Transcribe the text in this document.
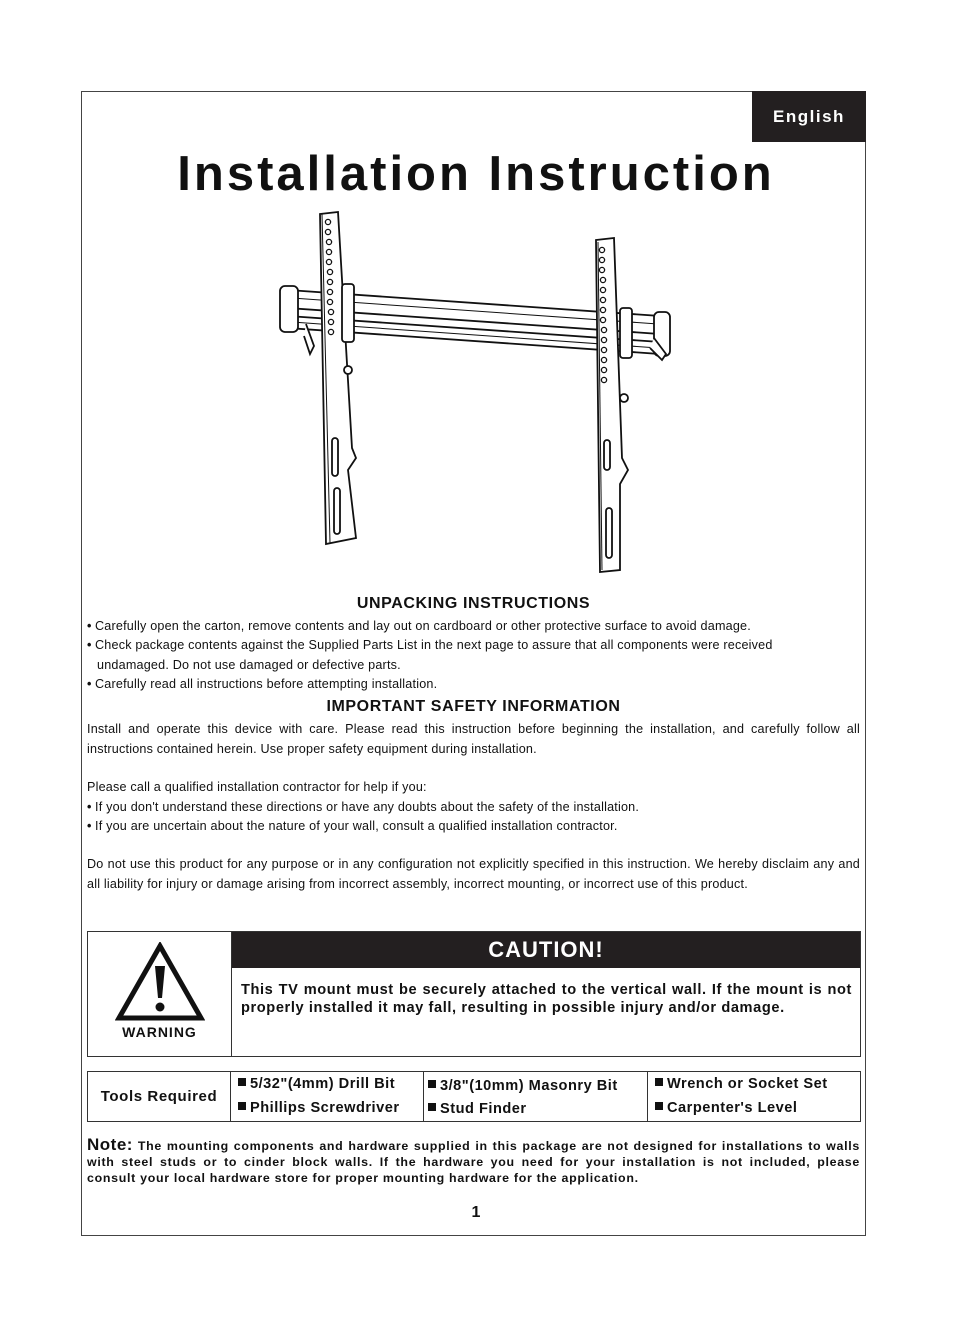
English
Installation Instruction
UNPACKING INSTRUCTIONS
• Carefully open the carton, remove contents and lay out on cardboard or other protective surface to avoid damage.
• Check package contents against the Supplied Parts List in the next page to assure that all components were received
undamaged. Do not use damaged or defective parts.
• Carefully read all instructions before attempting installation.
IMPORTANT SAFETY INFORMATION
Install and operate this device with care. Please read this instruction before beginning the installation, and carefully follow all instructions contained herein. Use proper safety equipment during installation.
Please call a qualified installation contractor for help if you:
• If you don't understand these directions or have any doubts about the safety of the installation.
• If you are uncertain about the nature of your wall, consult a qualified installation contractor.
Do not use this product for any purpose or in any configuration not explicitly specified in this instruction. We hereby disclaim any and all liability for injury or damage arising from incorrect assembly, incorrect mounting, or incorrect use of this product.
WARNING
CAUTION!
This TV mount must be securely attached to the vertical wall. If the mount is not properly installed it may fall, resulting in possible injury and/or damage.
Tools Required
5/32"(4mm) Drill Bit
Phillips Screwdriver
3/8"(10mm) Masonry Bit
Stud Finder
Wrench or Socket Set
Carpenter's Level
Note: The mounting components and hardware supplied in this package are not designed for installations to walls with steel studs or to cinder block walls. If the hardware you need for your installation is not included, please consult your local hardware store for proper mounting hardware for the application.
1
